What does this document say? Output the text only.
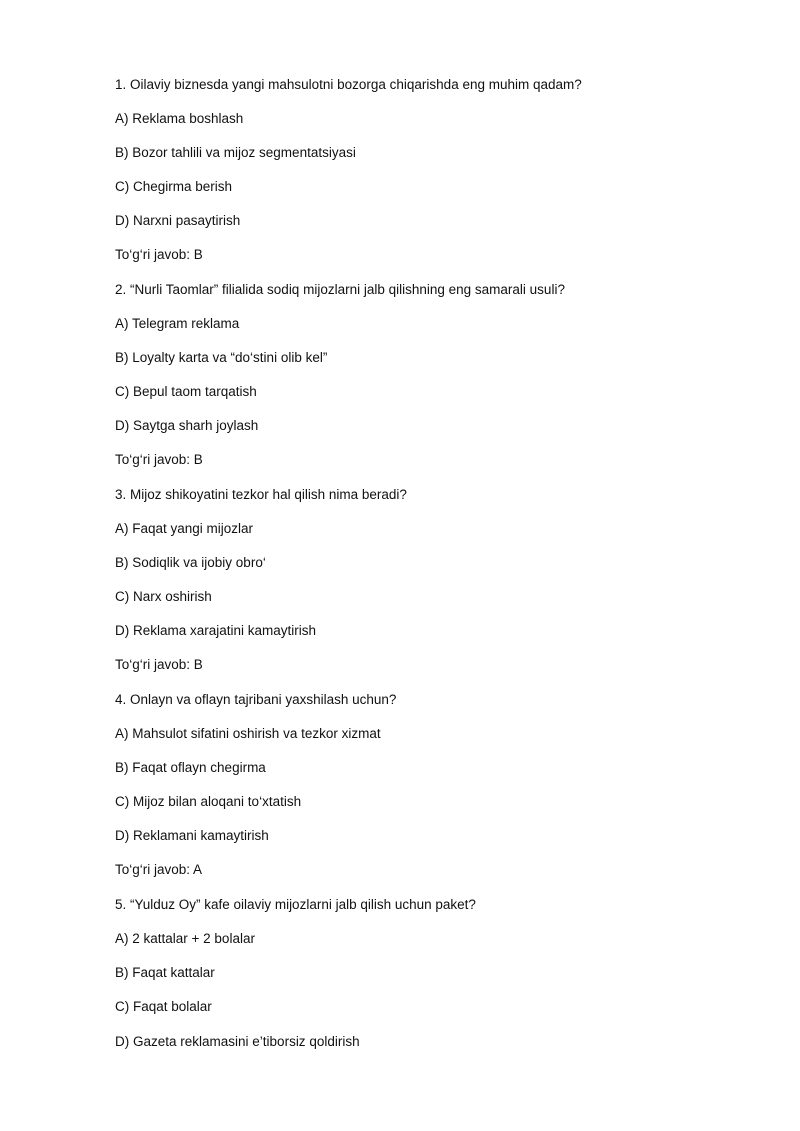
1. Oilaviy biznesda yangi mahsulotni bozorga chiqarishda eng muhim qadam?
A) Reklama boshlash
B) Bozor tahlili va mijoz segmentatsiyasi
C) Chegirma berish
D) Narxni pasaytirish
To‘g‘ri javob: B
2. “Nurli Taomlar” filialida sodiq mijozlarni jalb qilishning eng samarali usuli?
A) Telegram reklama
B) Loyalty karta va “do‘stini olib kel”
C) Bepul taom tarqatish
D) Saytga sharh joylash
To‘g‘ri javob: B
3. Mijoz shikoyatini tezkor hal qilish nima beradi?
A) Faqat yangi mijozlar
B) Sodiqlik va ijobiy obro‘
C) Narx oshirish
D) Reklama xarajatini kamaytirish
To‘g‘ri javob: B
4. Onlayn va oflayn tajribani yaxshilash uchun?
A) Mahsulot sifatini oshirish va tezkor xizmat
B) Faqat oflayn chegirma
C) Mijoz bilan aloqani to‘xtatish
D) Reklamani kamaytirish
To‘g‘ri javob: A
5. “Yulduz Oy” kafe oilaviy mijozlarni jalb qilish uchun paket?
A) 2 kattalar + 2 bolalar
B) Faqat kattalar
C) Faqat bolalar
D) Gazeta reklamasini e’tiborsiz qoldirish
